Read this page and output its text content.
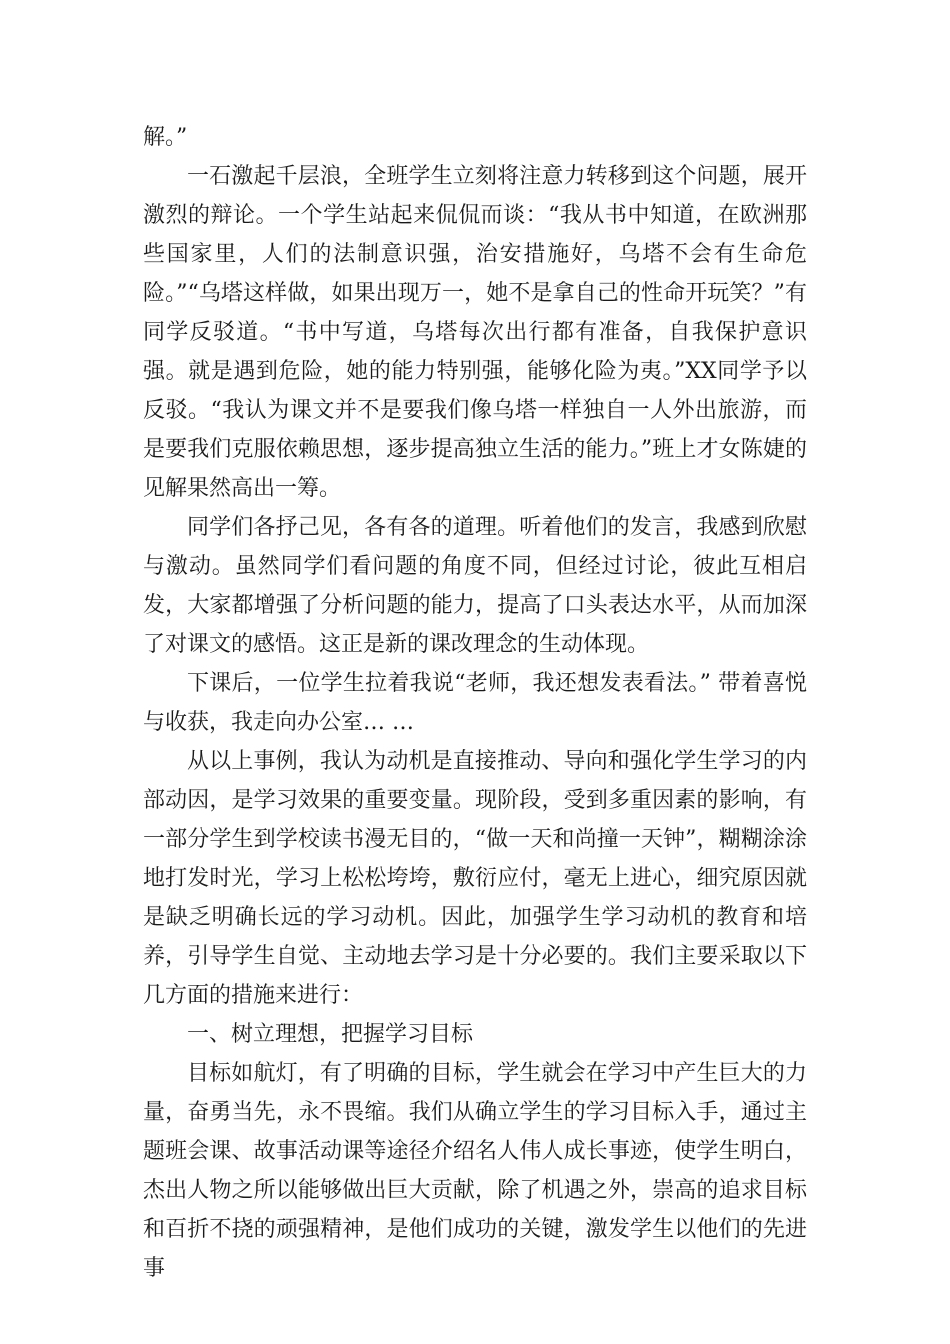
解。”

一石激起千层浪，全班学生立刻将注意力转移到这个问题，展开激烈的辩论。一个学生站起来侃侃而谈：“我从书中知道，在欧洲那些国家里，人们的法制意识强，治安措施好，乌塔不会有生命危险。”“乌塔这样做，如果出现万一，她不是拿自己的性命开玩笑？”有同学反驳道。“书中写道，乌塔每次出行都有准备，自我保护意识强。就是遇到危险，她的能力特别强，能够化险为夷。”XX同学予以反驳。“我认为课文并不是要我们像乌塔一样独自一人外出旅游，而是要我们克服依赖思想，逐步提高独立生活的能力。”班上才女陈婕的见解果然高出一筹。

同学们各抒己见，各有各的道理。听着他们的发言，我感到欣慰与激动。虽然同学们看问题的角度不同，但经过讨论，彼此互相启发，大家都增强了分析问题的能力，提高了口头表达水平，从而加深了对课文的感悟。这正是新的课改理念的生动体现。

下课后，一位学生拉着我说“老师，我还想发表看法。” 带着喜悦与收获，我走向办公室… …

从以上事例，我认为动机是直接推动、导向和强化学生学习的内部动因，是学习效果的重要变量。现阶段，受到多重因素的影响，有一部分学生到学校读书漫无目的，“做一天和尚撞一天钟”，糊糊涂涂地打发时光，学习上松松垮垮，敷衍应付，毫无上进心，细究原因就是缺乏明确长远的学习动机。因此，加强学生学习动机的教育和培养，引导学生自觉、主动地去学习是十分必要的。我们主要采取以下几方面的措施来进行：

一、树立理想，把握学习目标

目标如航灯，有了明确的目标，学生就会在学习中产生巨大的力量，奋勇当先，永不畏缩。我们从确立学生的学习目标入手，通过主题班会课、故事活动课等途径介绍名人伟人成长事迹，使学生明白，杰出人物之所以能够做出巨大贡献，除了机遇之外，崇高的追求目标和百折不挠的顽强精神，是他们成功的关键，激发学生以他们的先进事
